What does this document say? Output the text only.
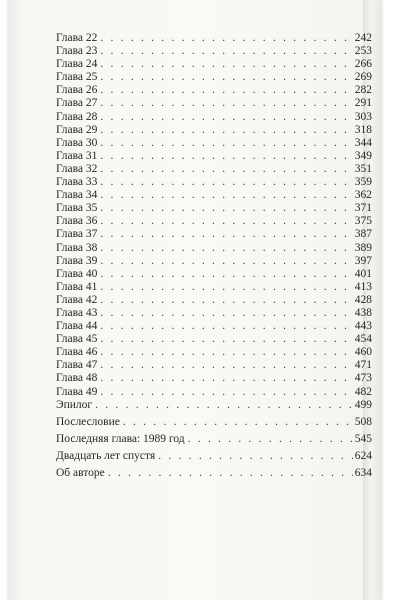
Глава 22 . . .	242
Глава 23 . . .	253
Глава 24 . . .	266
Глава 25 . . .	269
Глава 26 . . .	282
Глава 27 . . .	291
Глава 28 . . .	303
Глава 29 . . .	318
Глава 30 . . .	344
Глава 31 . . .	349
Глава 32 . . .	351
Глава 33 . . .	359
Глава 34 . . .	362
Глава 35 . . .	371
Глава 36 . . .	375
Глава 37 . . .	387
Глава 38 . . .	389
Глава 39 . . .	397
Глава 40 . . .	401
Глава 41 . . .	413
Глава 42 . . .	428
Глава 43 . . .	438
Глава 44 . . .	443
Глава 45 . . .	454
Глава 46 . . .	460
Глава 47 . . .	471
Глава 48 . . .	473
Глава 49 . . .	482
Эпилог . . .	499
Послесловие . . .	508
Последняя глава: 1989 год . . .	545
Двадцать лет спустя . . .	624
Об авторе . . .	634
